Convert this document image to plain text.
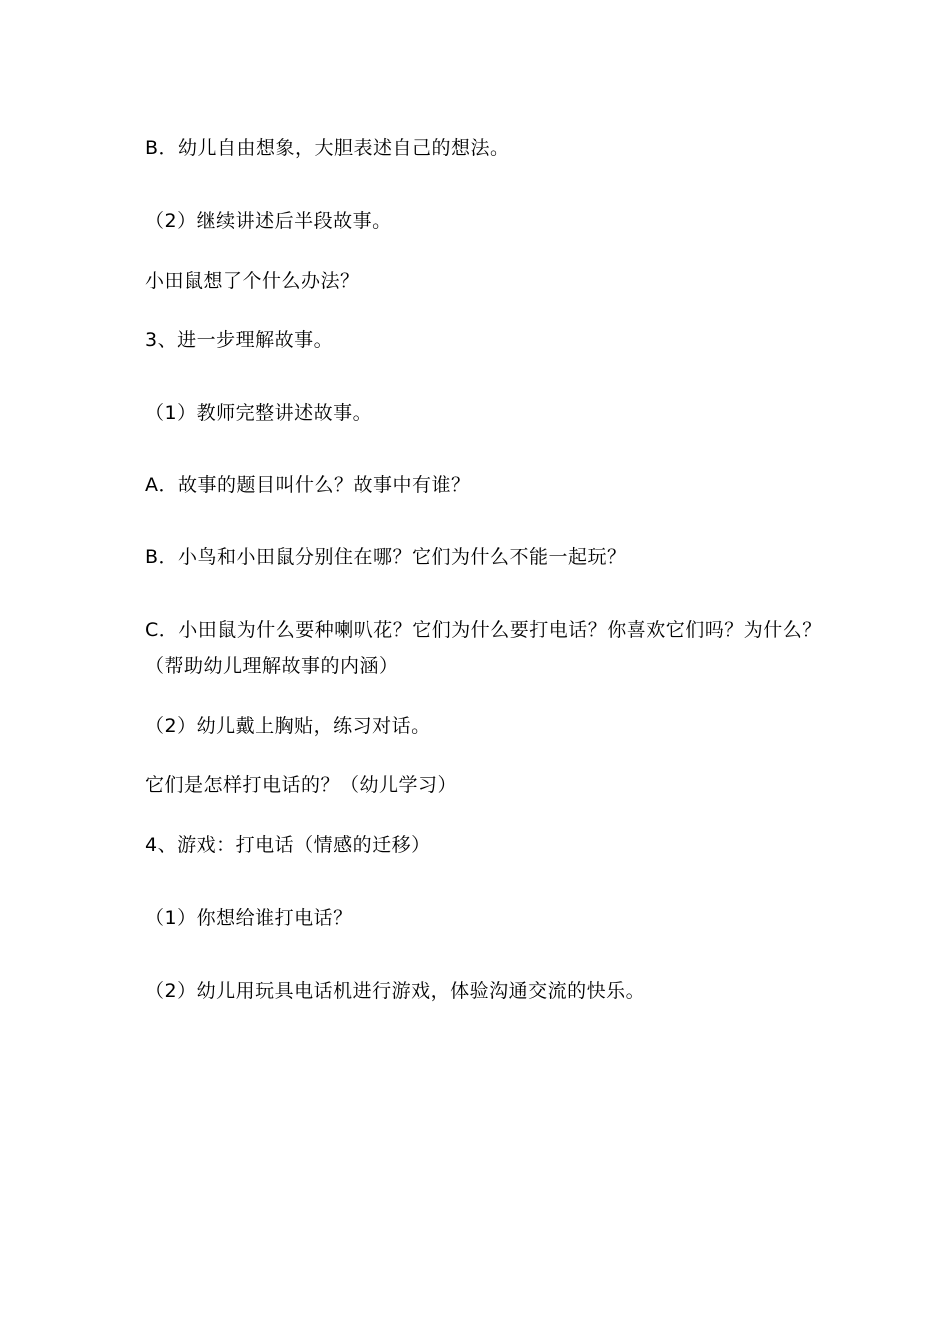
B．幼儿自由想象，大胆表述自己的想法。
（2）继续讲述后半段故事。
小田鼠想了个什么办法？
3、进一步理解故事。
（1）教师完整讲述故事。
A．故事的题目叫什么？故事中有谁？
B．小鸟和小田鼠分别住在哪？它们为什么不能一起玩？
C．小田鼠为什么要种喇叭花？它们为什么要打电话？你喜欢它们吗？为什么？（帮助幼儿理解故事的内涵）
（2）幼儿戴上胸贴，练习对话。
它们是怎样打电话的？（幼儿学习）
4、游戏：打电话（情感的迁移）
（1）你想给谁打电话？
（2）幼儿用玩具电话机进行游戏，体验沟通交流的快乐。
